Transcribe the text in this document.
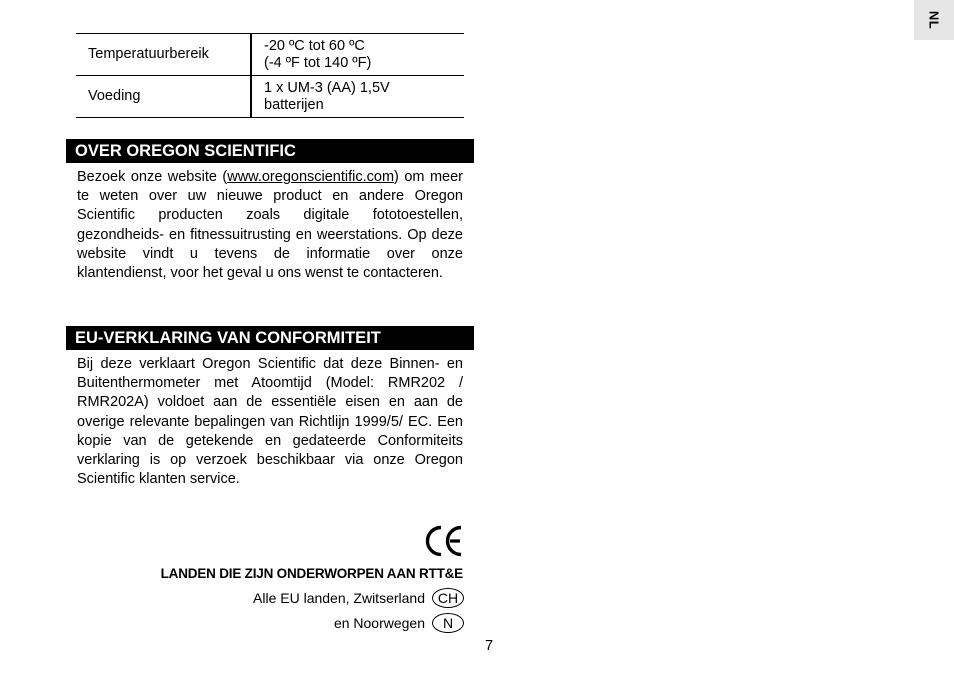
NL
Temperatuurbereik	-20 ºC tot 60 ºC
(-4 ºF tot 140 ºF)

Voeding	1 x UM-3 (AA) 1,5V
batterijen
OVER OREGON SCIENTIFIC

Bezoek onze website (www.oregonscientific.com) om meer te weten over uw nieuwe product en andere Oregon Scientific producten zoals digitale fototoestellen, gezondheids- en fitnessuitrusting en weerstations. Op deze website vindt u tevens de informatie over onze klantendienst, voor het geval u ons wenst te contacteren.

EU-VERKLARING VAN CONFORMITEIT

Bij deze verklaart Oregon Scientific dat deze Binnen- en Buitenthermometer met Atoomtijd (Model: RMR202 / RMR202A) voldoet aan de essentiële eisen en aan de overige relevante bepalingen van Richtlijn 1999/5/ EC. Een kopie van de getekende en gedateerde Conformiteits verklaring is op verzoek beschikbaar via onze Oregon Scientific klanten service.

LANDEN DIE ZIJN ONDERWORPEN AAN RTT&E
Alle EU landen, Zwitserland CH
en Noorwegen	N
7
